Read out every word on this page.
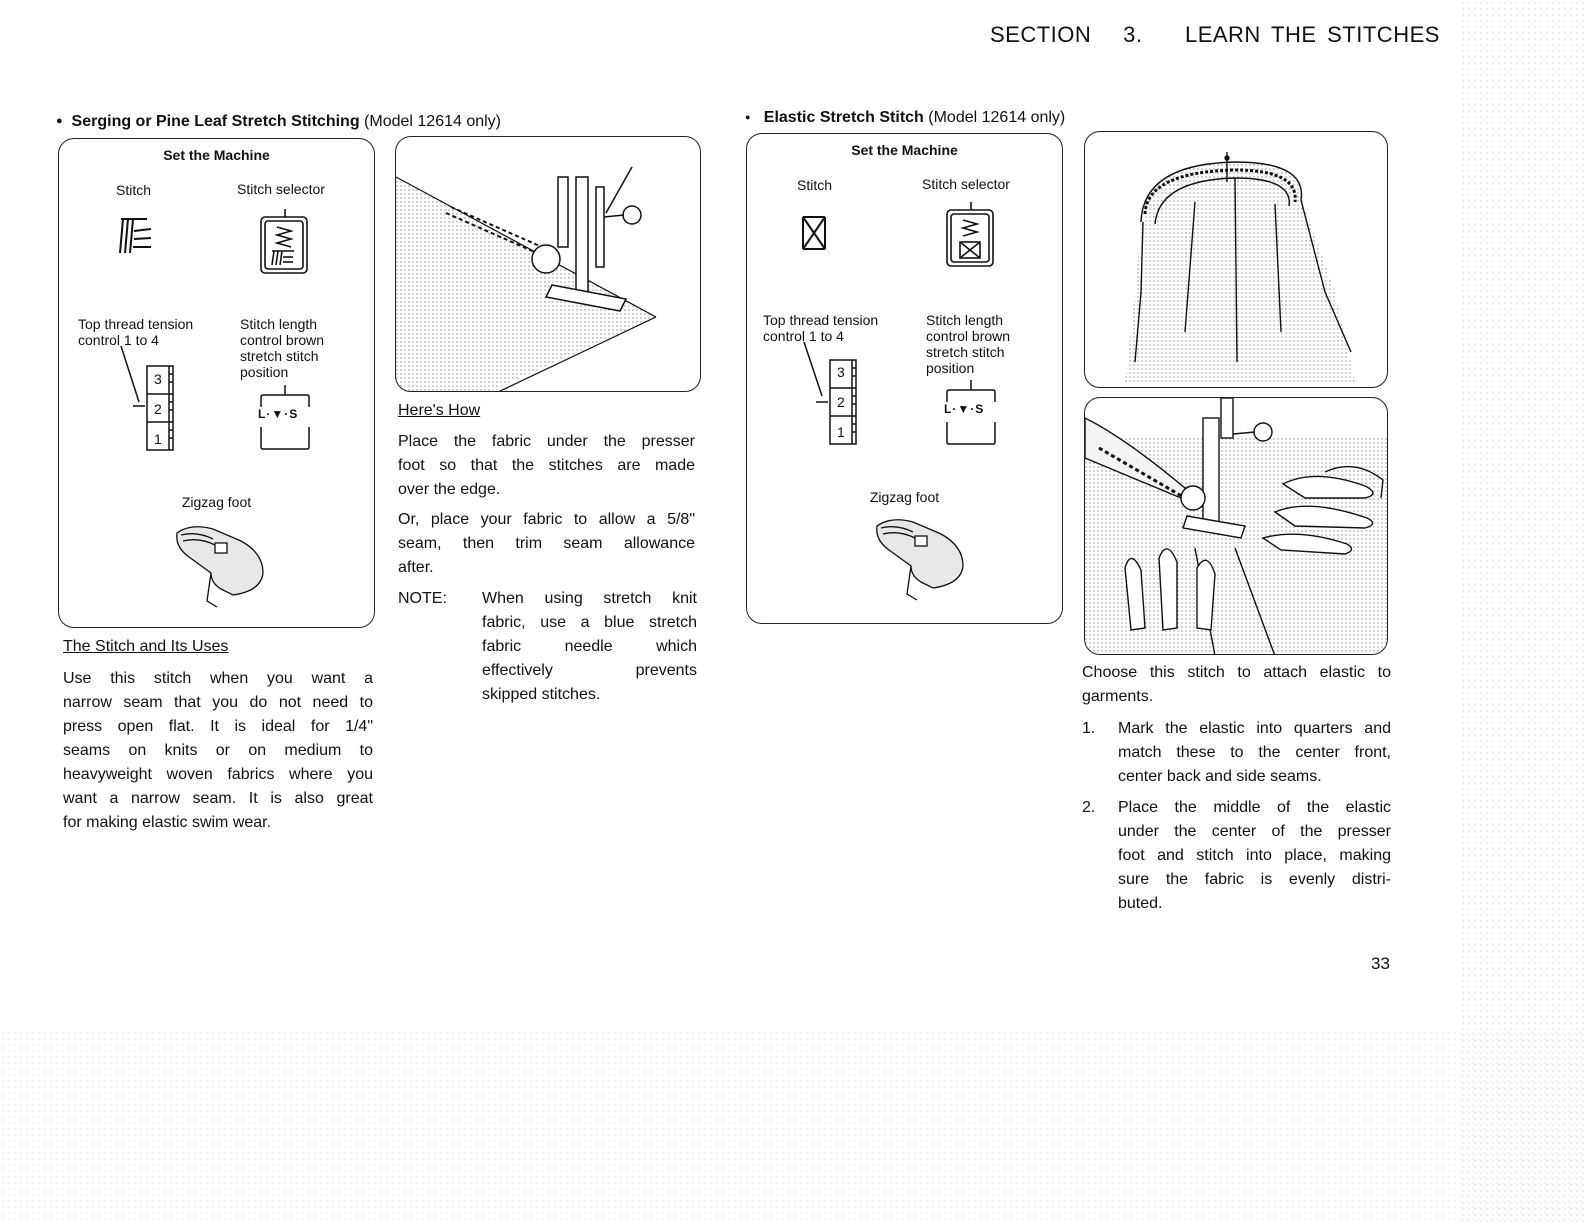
SECTION 3. LEARN THE STITCHES
● Serging or Pine Leaf Stretch Stitching (Model 12614 only)
Set the Machine
Stitch	Stitch selector
Top thread tension
control 1 to 4
Stitch length
control brown
stretch stitch
position
3
2
1
L·▼·S
Zigzag foot
The Stitch and Its Uses
Use this stitch when you want a
narrow seam that you do not need to
press open flat. It is ideal for 1/4"
seams on knits or on medium to
heavyweight woven fabrics where you
want a narrow seam. It is also great
for making elastic swim wear.
Here's How
Place the fabric under the presser
foot so that the stitches are made
over the edge.
Or, place your fabric to allow a 5/8"
seam, then trim seam allowance
after.
NOTE: When using stretch knit
fabric, use a blue stretch
fabric needle which
effectively prevents
skipped stitches.
● Elastic Stretch Stitch (Model 12614 only)
Set the Machine
Stitch	Stitch selector
Top thread tension
control 1 to 4
Stitch length
control brown
stretch stitch
position
3
2
1
L·▼·S
Zigzag foot
Choose this stitch to attach elastic to
garments.
1. Mark the elastic into quarters and
match these to the center front,
center back and side seams.
2. Place the middle of the elastic
under the center of the presser
foot and stitch into place, making
sure the fabric is evenly distri-
buted.
33
